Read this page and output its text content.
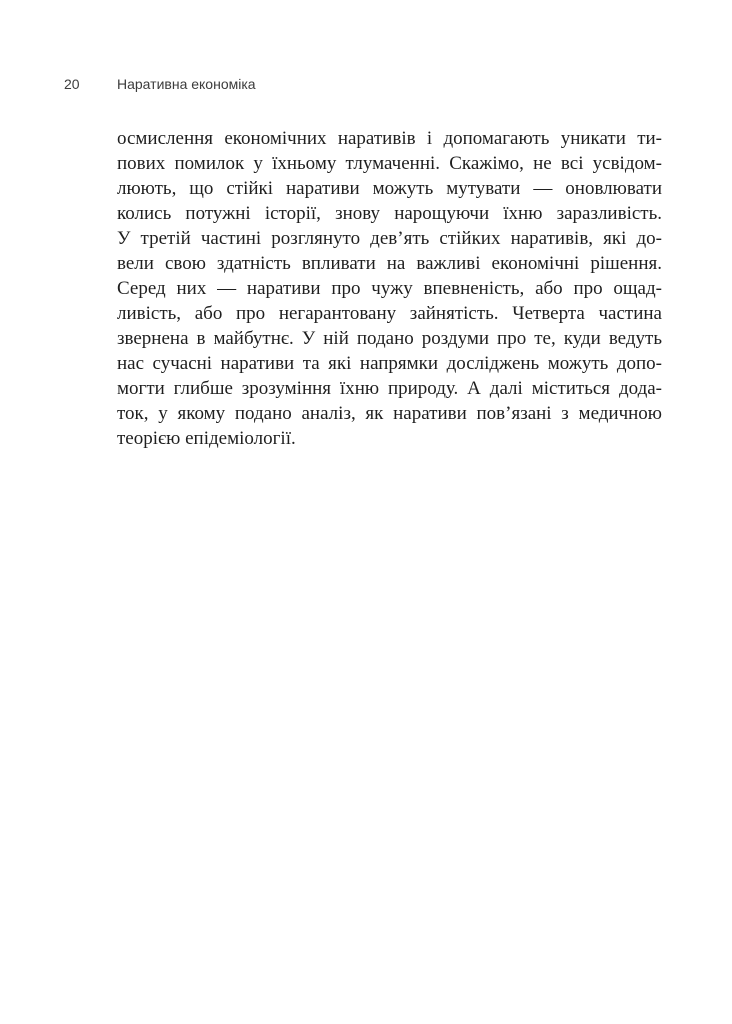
20	Наративна економіка
осмислення економічних наративів і допомагають уникати ти-
пових помилок у їхньому тлумаченні. Скажімо, не всі усвідом-
люють, що стійкі наративи можуть мутувати — оновлювати
колись потужні історії, знову нарощуючи їхню заразливість.
У третій частині розглянуто дев’ять стійких наративів, які до-
вели свою здатність впливати на важливі економічні рішення.
Серед них — наративи про чужу впевненість, або про ощад-
ливість, або про негарантовану зайнятість. Четверта частина
звернена в майбутнє. У ній подано роздуми про те, куди ведуть
нас сучасні наративи та які напрямки досліджень можуть допо-
могти глибше зрозуміння їхню природу. А далі міститься дода-
ток, у якому подано аналіз, як наративи пов’язані з медичною
теорією епідеміології.
